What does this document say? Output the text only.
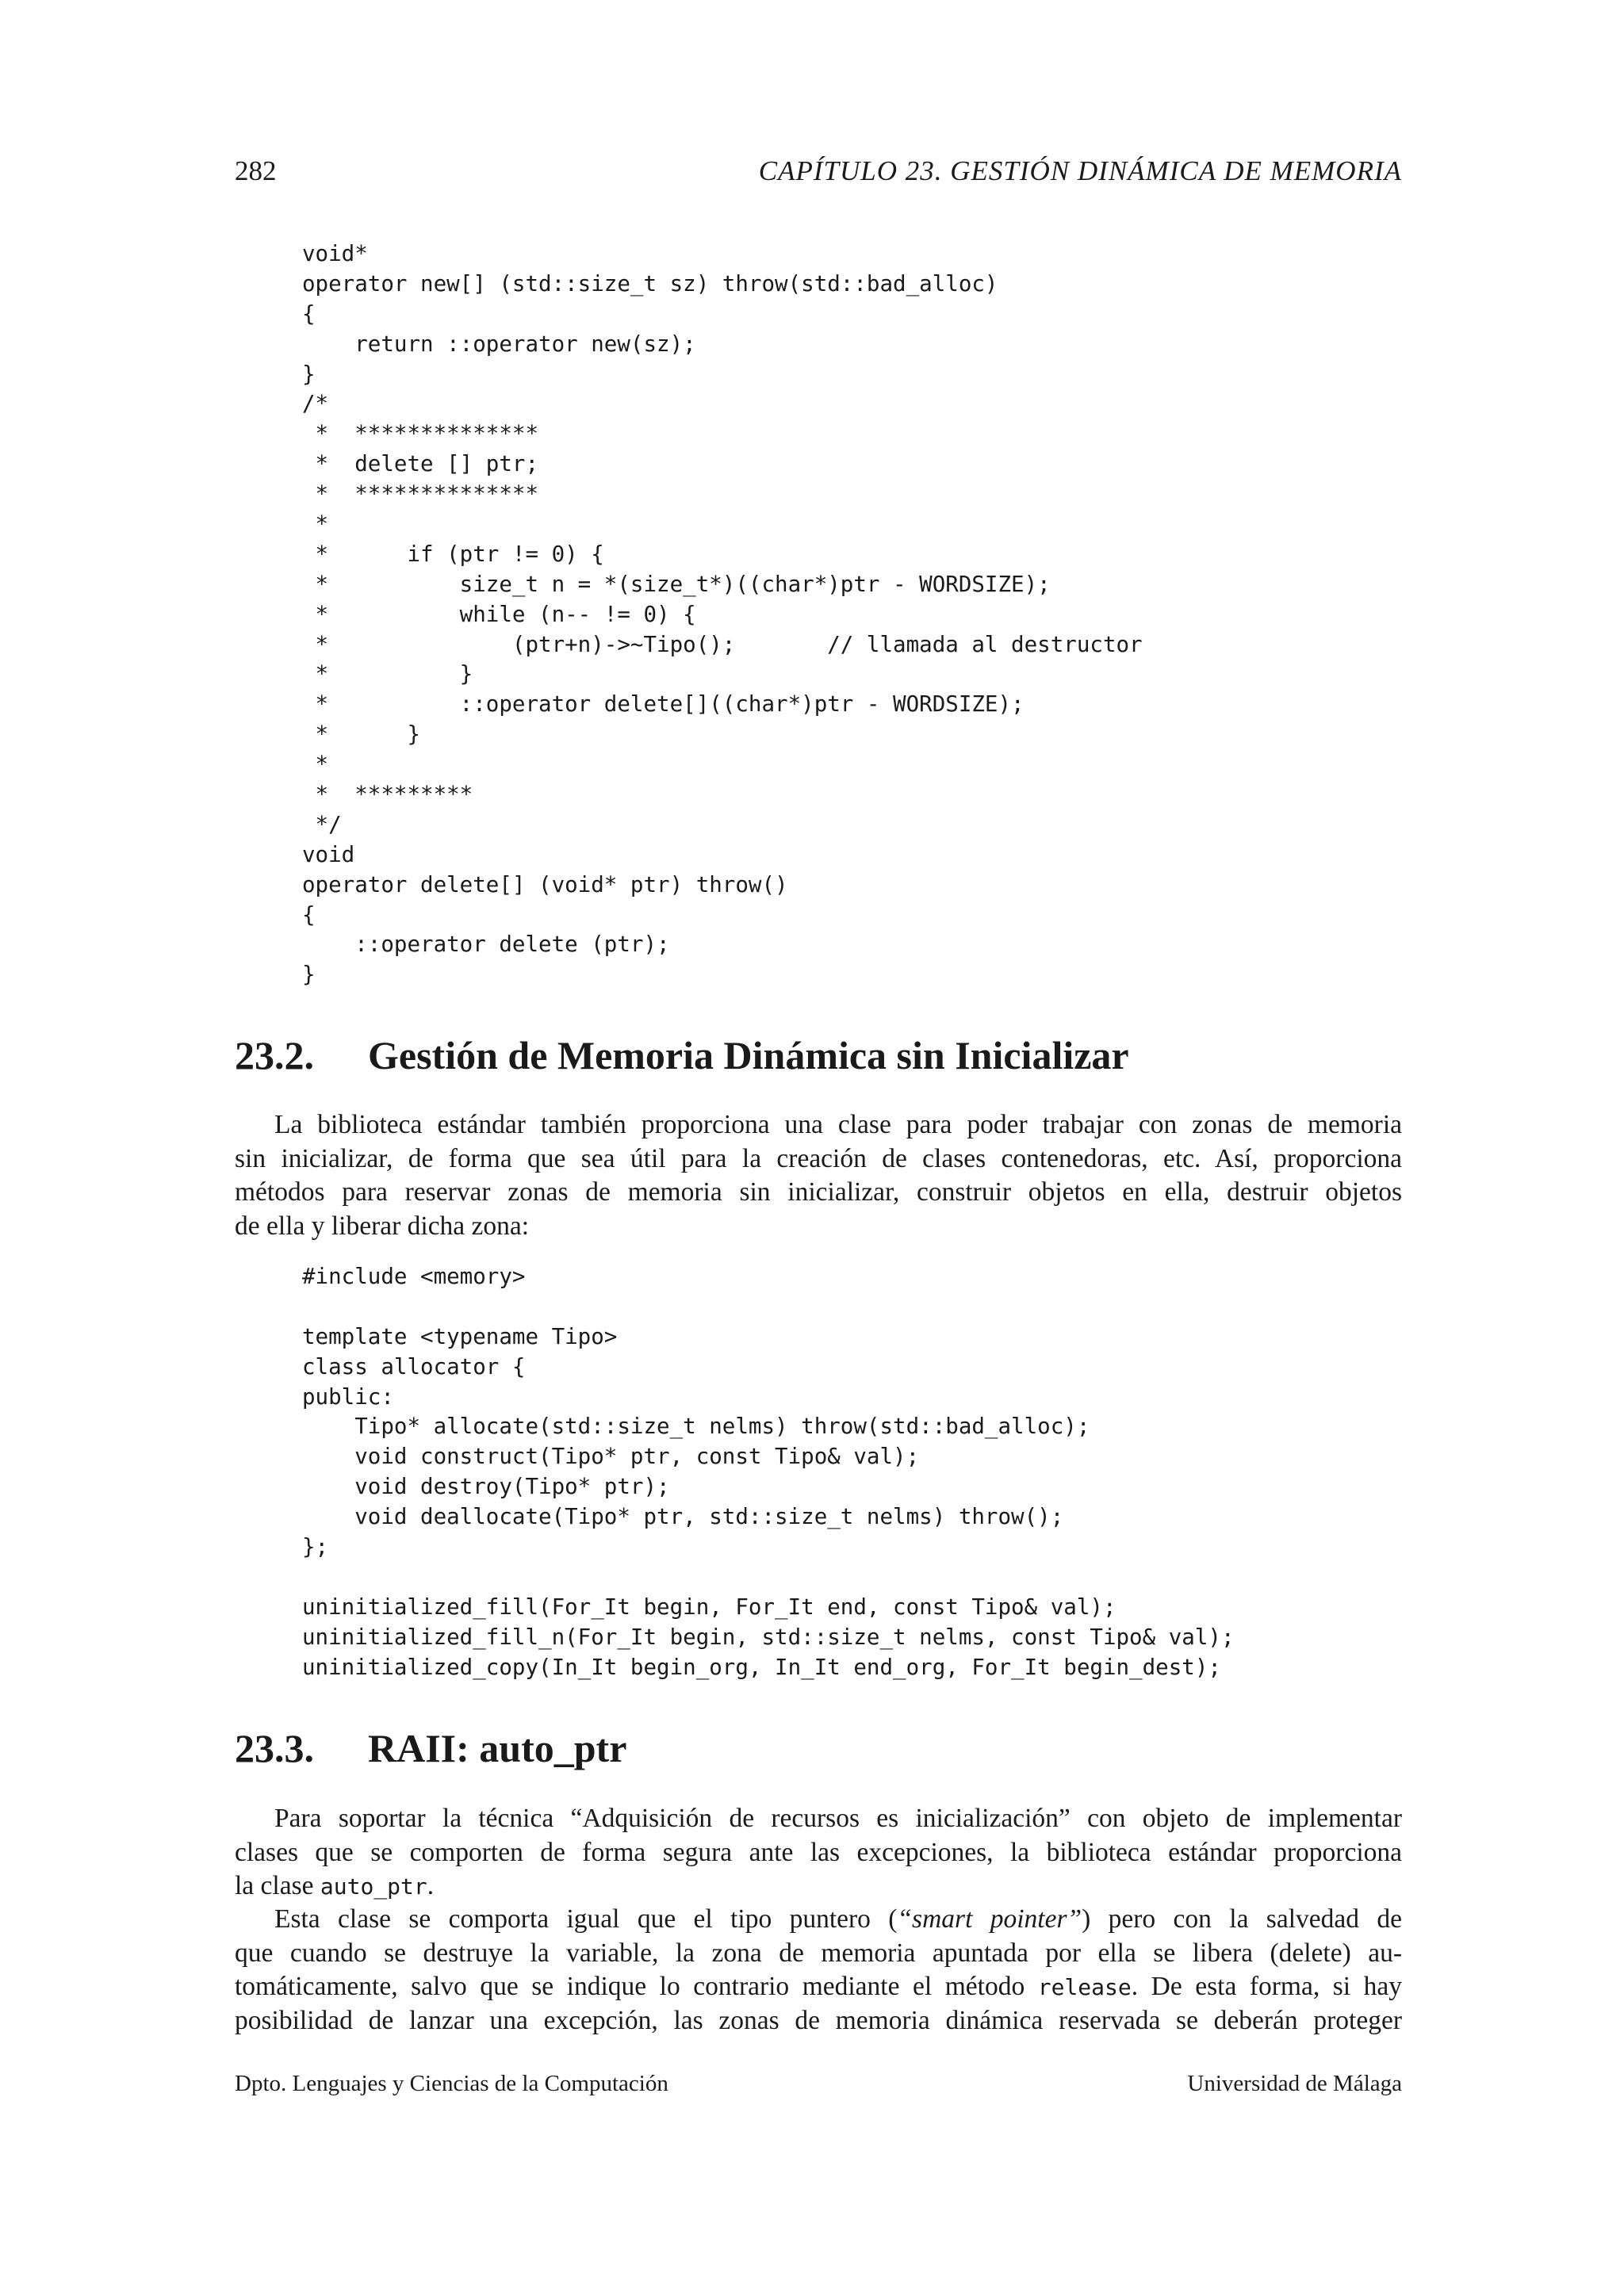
282	CAPÍTULO 23. GESTIÓN DINÁMICA DE MEMORIA
void*
operator new[] (std::size_t sz) throw(std::bad_alloc)
{
return ::operator new(sz);
}
/*
*  **************
*  delete [] ptr;
*  **************
*
*      if (ptr != 0) {
*          size_t n = *(size_t*)((char*)ptr - WORDSIZE);
*          while (n-- != 0) {
*              (ptr+n)->~Tipo();       // llamada al destructor
*          }
*          ::operator delete[]((char*)ptr - WORDSIZE);
*      }
*
*  *********
*/
void
operator delete[] (void* ptr) throw()
{
::operator delete (ptr);
}
23.2. Gestión de Memoria Dinámica sin Inicializar
La biblioteca estándar también proporciona una clase para poder trabajar con zonas de memoria
sin inicializar, de forma que sea útil para la creación de clases contenedoras, etc. Así, proporciona
métodos para reservar zonas de memoria sin inicializar, construir objetos en ella, destruir objetos
de ella y liberar dicha zona:
#include <memory>

template <typename Tipo>
class allocator {
public:
Tipo* allocate(std::size_t nelms) throw(std::bad_alloc);
void construct(Tipo* ptr, const Tipo& val);
void destroy(Tipo* ptr);
void deallocate(Tipo* ptr, std::size_t nelms) throw();
};

uninitialized_fill(For_It begin, For_It end, const Tipo& val);
uninitialized_fill_n(For_It begin, std::size_t nelms, const Tipo& val);
uninitialized_copy(In_It begin_org, In_It end_org, For_It begin_dest);
23.3. RAII: auto_ptr
Para soportar la técnica “Adquisición de recursos es inicialización” con objeto de implementar
clases que se comporten de forma segura ante las excepciones, la biblioteca estándar proporciona
la clase auto_ptr.
Esta clase se comporta igual que el tipo puntero (“smart pointer”) pero con la salvedad de
que cuando se destruye la variable, la zona de memoria apuntada por ella se libera (delete) au-
tomáticamente, salvo que se indique lo contrario mediante el método release. De esta forma, si hay
posibilidad de lanzar una excepción, las zonas de memoria dinámica reservada se deberán proteger
Dpto. Lenguajes y Ciencias de la Computación	Universidad de Málaga
